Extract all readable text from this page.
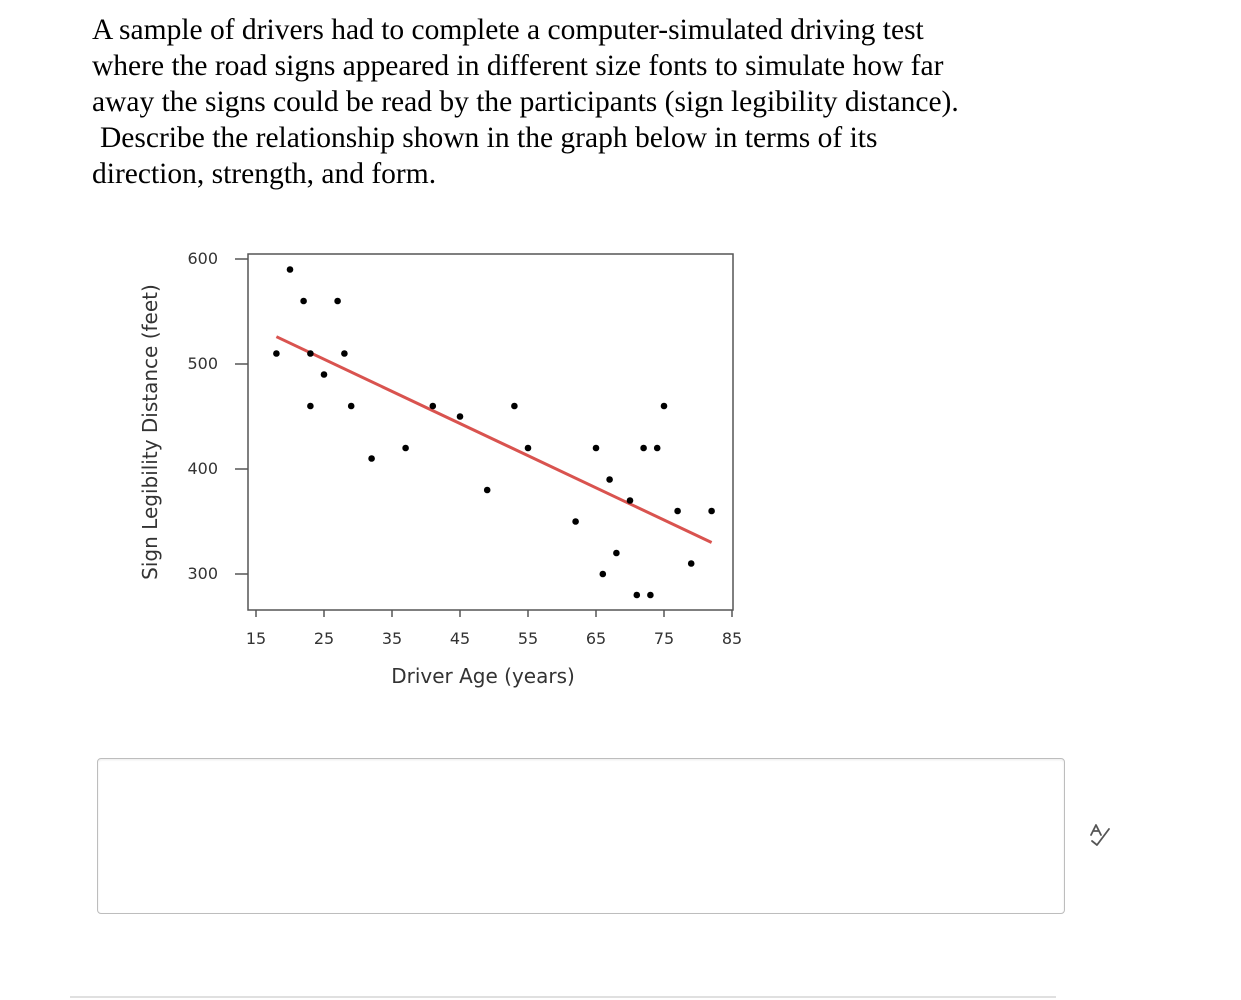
A sample of drivers had to complete a computer-simulated driving test
where the road signs appeared in different size fonts to simulate how far
away the signs could be read by the participants (sign legibility distance).
Describe the relationship shown in the graph below in terms of its
direction, strength, and form.
15	25	35	45	55	65	75	85
300
400
500
600
Driver Age (years)
Sign Legibility Distance (feet)
